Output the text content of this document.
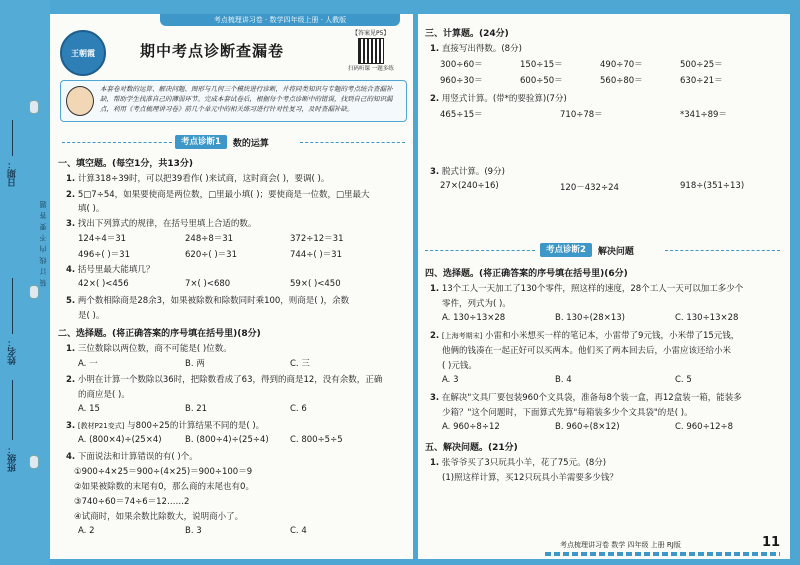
日期：
姓名：
班级：
装 订 线 内 不 要 答 题
考点梳理讲习卷 · 数学四年级上册 · 人教版
王朝霞	期中考点诊断查漏卷
【答案见P5】
扫码听课 一题多练
本套卷对数的运算、解决问题、图形与几何三个模块进行诊断，并将同类知识与专题的考点统合查漏补缺，帮助学生找准自己的薄弱环节。完成本套试卷后，根据每个考点诊断中的错误，找到自己的知识漏点，利用《考点梳理讲习卷》前几个单元中的相关练习进行针对性复习，及时查漏补缺。
考点诊断1	数的运算
一、填空题。(每空1分，共13分)
1. 计算318÷39时，可以把39看作( )来试商，这时商会( )，要调( )。
2. 5□7÷54，如果要使商是两位数，□里最小填( )；要使商是一位数，□里最大
填( )。
3. 找出下列算式的规律，在括号里填上合适的数。
124÷4＝31	248÷8＝31	372÷12＝31
496÷( )＝31	620÷( )＝31	744÷( )＝31
4. 括号里最大能填几？
42×( )<456	7×( )<680	59×( )<450
5. 两个数相除商是28余3，如果被除数和除数同时乘100，则商是( )，余数
是( )。
二、选择题。(将正确答案的序号填在括号里)(8分)
1. 三位数除以两位数，商不可能是( )位数。
A. 一	B. 两	C. 三
2. 小明在计算一个数除以36时，把除数看成了63，得到的商是12，没有余数，正确
的商应是( )。
A. 15	B. 21	C. 6
3. [教材P21变式] 与800÷25的计算结果不同的是( )。
A. (800×4)÷(25×4)	B. (800÷4)÷(25÷4)	C. 800÷5÷5
4. 下面说法和计算错误的有( )个。
①900÷4×25＝900÷(4×25)＝900÷100＝9
②如果被除数的末尾有0，那么商的末尾也有0。
③740÷60＝74÷6＝12……2
④试商时，如果余数比除数大，说明商小了。
A. 2	B. 3	C. 4
三、计算题。(24分)
1. 直接写出得数。(8分)
300÷60＝	150÷15＝	490÷70＝	500÷25＝
960÷30＝	600÷50＝	560÷80＝	630÷21＝
2. 用竖式计算。(带*的要验算)(7分)
465÷15＝	710÷78＝	*341÷89＝
3. 脱式计算。(9分)
27×(240÷16)	120－432÷24	918÷(351÷13)
考点诊断2	解决问题
四、选择题。(将正确答案的序号填在括号里)(6分)
1. 13个工人一天加工了130个零件，照这样的速度，28个工人一天可以加工多少个
零件，列式为( )。
A. 130÷13×28	B. 130÷(28×13)	C. 130÷13×28
2. [上海考期末] 小雷和小米想买一样的笔记本，小雷带了9元钱，小米带了15元钱，
他俩的钱凑在一起正好可以买两本。他们买了两本回去后，小雷应该还给小米
( )元钱。
A. 3	B. 4	C. 5
3. 在解决"文具厂要包装960个文具袋，准备每8个装一盒，再12盒装一箱，能装多
少箱？"这个问题时，下面算式先算"每箱装多少个文具袋"的是( )。
A. 960÷8÷12	B. 960÷(8×12)	C. 960÷12÷8
五、解决问题。(21分)
1. 张爷爷买了3只玩具小羊，花了75元。(8分)
(1)照这样计算，买12只玩具小羊需要多少钱？
考点梳理讲习卷 数学 四年级 上册 RJ版	11
